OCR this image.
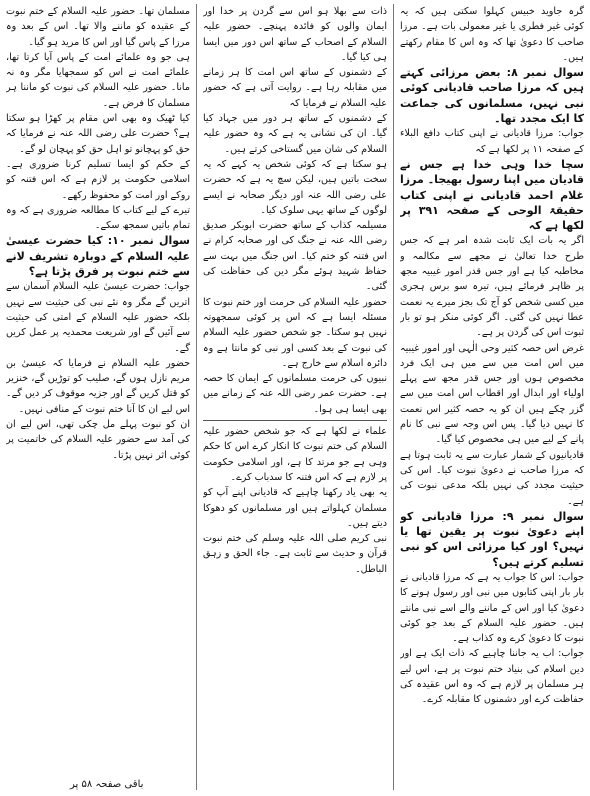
گرہ جاوید خبیس کہلوا سکتی ہیں کہ یہ کوئی غیر فطری یا غیر معمولی بات ہے۔ مرزا صاحب کا دعویٰ تھا کہ وہ اس کا مقام رکھتے ہیں۔

سوال نمبر ۸: بعض مرزائی کہتے ہیں کہ مرزا صاحب قادیانی کوئی نبی نہیں، مسلمانوں کی جماعت کا ایک مجدد تھا۔

جواب: مرزا قادیانی نے اپنی کتاب دافع البلاء کے صفحہ ۱۱ پر لکھا ہے کہ

سچا خدا وہی خدا ہے جس نے قادیان میں اپنا رسول بھیجا۔ مرزا غلام احمد قادیانی نے اپنی کتاب حقیقۃ الوحی کے صفحہ ۳۹۱ پر لکھا ہے کہ

اگر یہ بات ایک ثابت شدہ امر ہے کہ جس طرح خدا تعالیٰ نے مجھے سے مکالمہ و مخاطبہ کیا ہے اور جس قدر امور غیبیہ مجھ پر ظاہر فرمائے ہیں، تیرہ سو برس ہجری میں کسی شخص کو آج تک بجز میرے یہ نعمت عطا نہیں کی گئی۔ اگر کوئی منکر ہو تو بار ثبوت اس کی گردن پر ہے۔

غرض اس حصہ کثیر وحی الٰہی اور امور غیبیہ میں اس امت میں سے میں ہی ایک فرد مخصوص ہوں اور جس قدر مجھ سے پہلے اولیاء اور ابدال اور اقطاب اس امت میں سے گزر چکے ہیں ان کو یہ حصہ کثیر اس نعمت کا نہیں دیا گیا۔ پس اس وجہ سے نبی کا نام پانے کے لیے میں ہی مخصوص کیا گیا۔

قادیانیوں کے شمار عبارت سے یہ ثابت ہوتا ہے کہ مرزا صاحب نے دعویٰ نبوت کیا۔ اس کی حیثیت مجدد کی نہیں بلکہ مدعی نبوت کی ہے۔

سوال نمبر ۹: مرزا قادیانی کو اپنے دعویٰ نبوت پر یقین تھا یا نہیں؟ اور کیا مرزائی اس کو نبی تسلیم کرتے ہیں؟

جواب: اس کا جواب یہ ہے کہ مرزا قادیانی نے بار بار اپنی کتابوں میں نبی اور رسول ہونے کا دعویٰ کیا اور اس کے ماننے والے اسے نبی مانتے ہیں۔ حضور علیہ السلام کے بعد جو کوئی نبوت کا دعویٰ کرے وہ کذاب ہے۔

جواب: اب یہ جاننا چاہیے کہ ذات ایک ہے اور دین اسلام کی بنیاد ختم نبوت پر ہے، اس لیے ہر مسلمان پر لازم ہے کہ وہ اس عقیدہ کی حفاظت کرے اور دشمنوں کا مقابلہ کرے۔

ذات سے بھلا ہو اس سے گردن پر خدا اور ایمان والوں کو فائدہ پہنچے۔ حضور علیہ السلام کے اصحاب کے ساتھ اس دور میں ایسا ہی کیا گیا۔

کے دشمنوں کے ساتھ اس امت کا ہر زمانے میں مقابلہ رہا ہے۔ روایت آتی ہے کہ حضور علیہ السلام نے فرمایا کہ

کے دشمنوں کے ساتھ ہر دور میں جہاد کیا گیا۔ ان کی نشانی یہ ہے کہ وہ حضور علیہ السلام کی شان میں گستاخی کرتے ہیں۔

ہو سکتا ہے کہ کوئی شخص یہ کہے کہ یہ سخت باتیں ہیں، لیکن سچ یہ ہے کہ حضرت علی رضی اللہ عنہ اور دیگر صحابہ نے ایسے لوگوں کے ساتھ یہی سلوک کیا۔

مسیلمہ کذاب کے ساتھ حضرت ابوبکر صدیق رضی اللہ عنہ نے جنگ کی اور صحابہ کرام نے اس فتنہ کو ختم کیا۔ اس جنگ میں بہت سے حفاظ شہید ہوئے مگر دین کی حفاظت کی گئی۔

حضور علیہ السلام کی حرمت اور ختم نبوت کا مسئلہ ایسا ہے کہ اس پر کوئی سمجھوتہ نہیں ہو سکتا۔ جو شخص حضور علیہ السلام کی نبوت کے بعد کسی اور نبی کو مانتا ہے وہ دائرہ اسلام سے خارج ہے۔

نبیوں کی حرمت مسلمانوں کے ایمان کا حصہ ہے۔ حضرت عمر رضی اللہ عنہ کے زمانے میں بھی ایسا ہی ہوا۔

علماء نے لکھا ہے کہ جو شخص حضور علیہ السلام کی ختم نبوت کا انکار کرے اس کا حکم وہی ہے جو مرتد کا ہے، اور اسلامی حکومت پر لازم ہے کہ اس فتنہ کا سدباب کرے۔

یہ بھی یاد رکھنا چاہیے کہ قادیانی اپنے آپ کو مسلمان کہلواتے ہیں اور مسلمانوں کو دھوکا دیتے ہیں۔

نبی کریم صلی اللہ علیہ وسلم کی ختم نبوت قرآن و حدیث سے ثابت ہے۔ جاء الحق و زہق الباطل۔

مسلمان تھا۔ حضور علیہ السلام کے ختم نبوت کے عقیدہ کو ماننے والا تھا۔ اس کے بعد وہ مرزا کے پاس گیا اور اس کا مرید ہو گیا۔

ہی جو وہ علمائے امت کے پاس آیا کرتا تھا، علمائے امت نے اس کو سمجھایا مگر وہ نہ مانا۔ حضور علیہ السلام کی نبوت کو ماننا ہر مسلمان کا فرض ہے۔

کیا ٹھیک وہ بھی اس مقام پر کھڑا ہو سکتا ہے؟ حضرت علی رضی اللہ عنہ نے فرمایا کہ حق کو پہچانو تو اہل حق کو پہچان لو گے۔

کے حکم کو ایسا تسلیم کرنا ضروری ہے۔ اسلامی حکومت پر لازم ہے کہ اس فتنہ کو روکے اور امت کو محفوظ رکھے۔

تیرے کے لیے کتاب کا مطالعہ ضروری ہے کہ وہ تمام باتیں سمجھ سکے۔

سوال نمبر ۱۰: کیا حضرت عیسیٰ علیہ السلام کے دوبارہ تشریف لانے سے ختم نبوت پر فرق پڑتا ہے؟

جواب: حضرت عیسیٰ علیہ السلام آسمان سے اتریں گے مگر وہ نئے نبی کی حیثیت سے نہیں بلکہ حضور علیہ السلام کے امتی کی حیثیت سے آئیں گے اور شریعت محمدیہ پر عمل کریں گے۔

حضور علیہ السلام نے فرمایا کہ عیسیٰ بن مریم نازل ہوں گے، صلیب کو توڑیں گے، خنزیر کو قتل کریں گے اور جزیہ موقوف کر دیں گے۔ اس لیے ان کا آنا ختم نبوت کے منافی نہیں۔

ان کو نبوت پہلے مل چکی تھی، اس لیے ان کی آمد سے حضور علیہ السلام کی خاتمیت پر کوئی اثر نہیں پڑتا۔

باقی صفحہ ۵۸ پر
